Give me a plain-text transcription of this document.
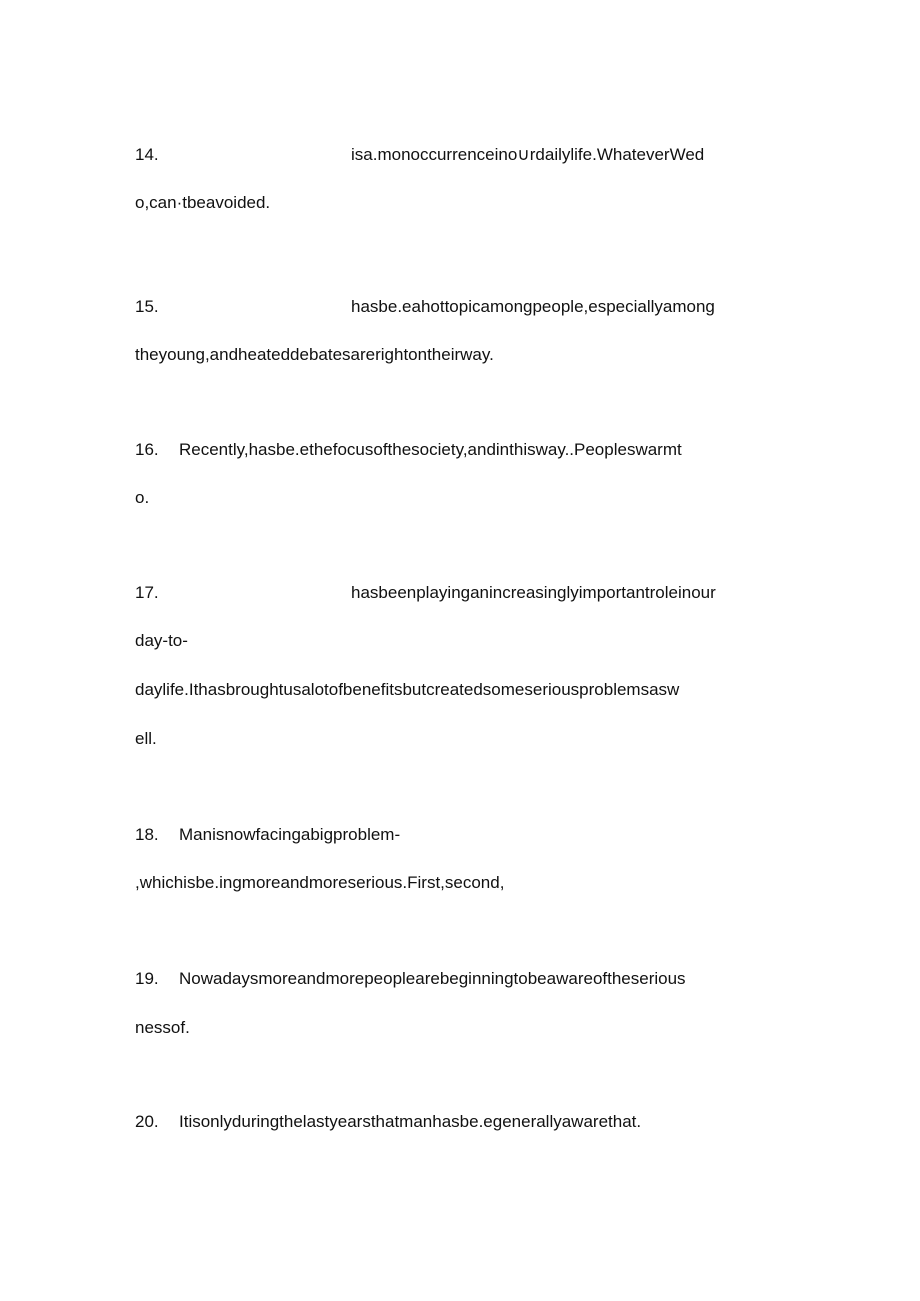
14.	isa.monoccurrenceino∪rdailylife.WhateverWed
o,can·tbeavoided.
15.	hasbe.eahottopicamongpeople,especiallyamong
theyoung,andheateddebatesarerightontheirway.
16. Recently,hasbe.ethefocusofthesociety,andinthisway..Peopleswarmt
o.
17.	hasbeenplayinganincreasinglyimportantroleinour
day-to-
daylife.Ithasbroughtusalotofbenefitsbutcreatedsomeseriousproblemsasw
ell.
18. Manisnowfacingabigproblem-
,whichisbe.ingmoreandmoreserious.First,second,
19. Nowadaysmoreandmorepeoplearebeginningtobeawareoftheserious
nessof.
20. Itisonlyduringthelastyearsthatmanhasbe.egenerallyawarethat.
